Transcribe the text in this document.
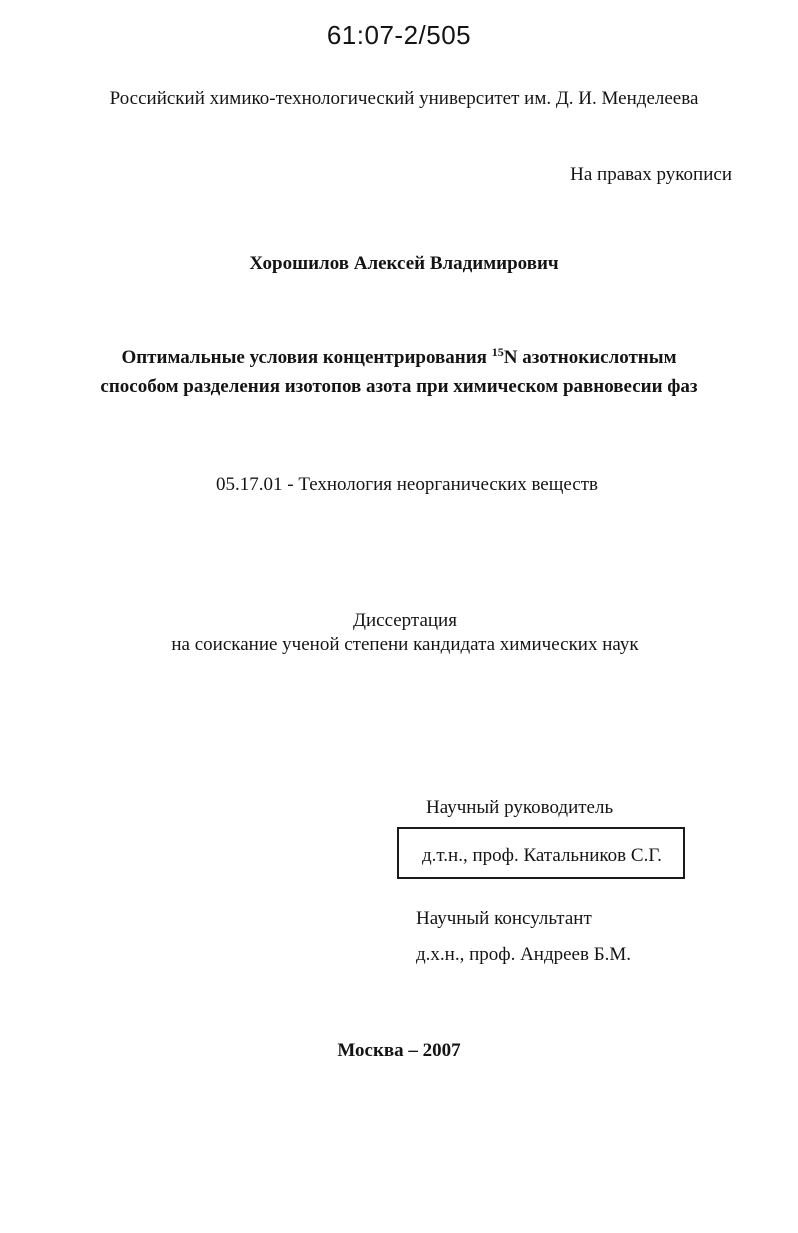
61:07-2/505
Российский химико-технологический университет им. Д. И. Менделеева
На правах рукописи
Хорошилов Алексей Владимирович
Оптимальные условия концентрирования $^{15}$N азотнокислотным
способом разделения изотопов азота при химическом равновесии фаз
05.17.01 - Технология неорганических веществ
Диссертация
на соискание ученой степени кандидата химических наук
Научный руководитель
д.т.н., проф. Катальников С.Г.
Научный консультант
д.х.н., проф. Андреев Б.М.
Москва – 2007
